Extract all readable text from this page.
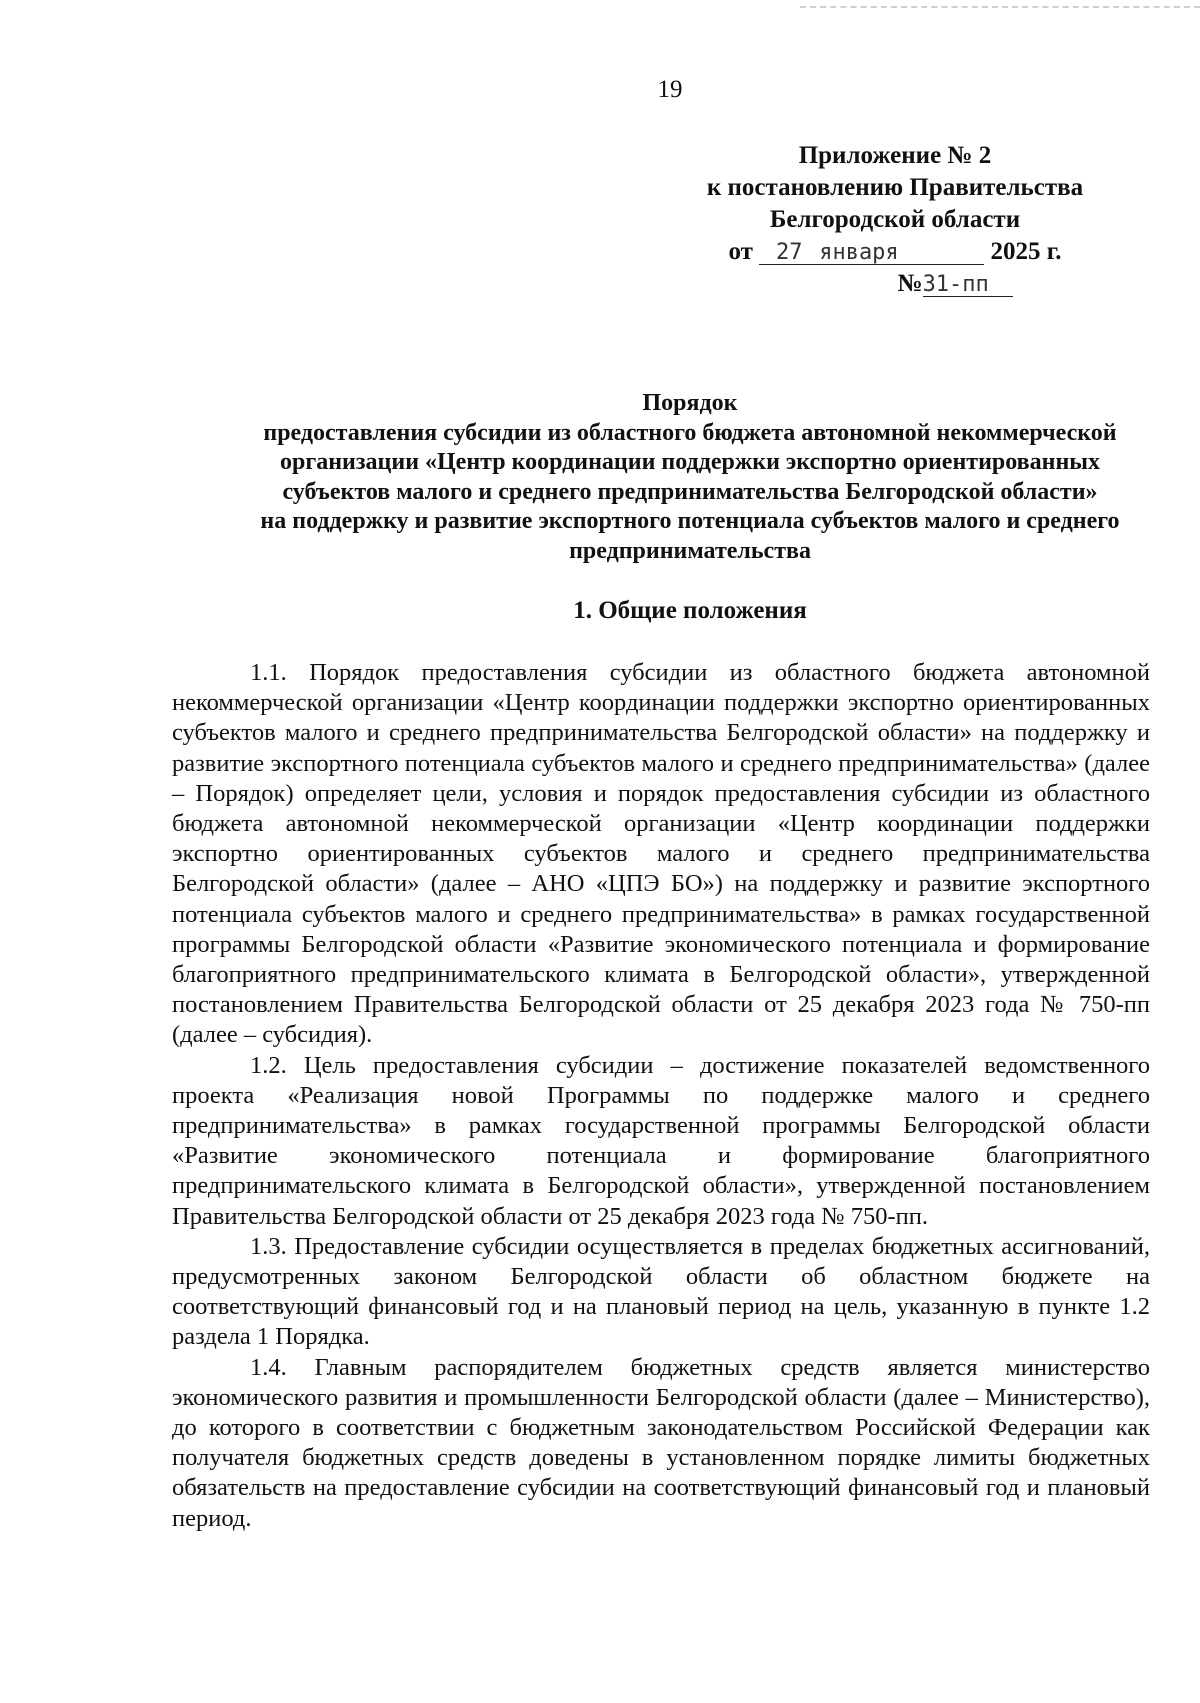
19
Приложение № 2
к постановлению Правительства
Белгородской области
от 27 января	2025 г.
№31-пп
Порядок
предоставления субсидии из областного бюджета автономной некоммерческой
организации «Центр координации поддержки экспортно ориентированных
субъектов малого и среднего предпринимательства Белгородской области»
на поддержку и развитие экспортного потенциала субъектов малого и среднего
предпринимательства
1. Общие положения

1.1. Порядок предоставления субсидии из областного бюджета автономной некоммерческой организации «Центр координации поддержки экспортно ориентированных субъектов малого и среднего предпринимательства Белгородской области» на поддержку и развитие экспортного потенциала субъектов малого и среднего предпринимательства» (далее – Порядок) определяет цели, условия и порядок предоставления субсидии из областного бюджета автономной некоммерческой организации «Центр координации поддержки экспортно ориентированных субъектов малого и среднего предпринимательства Белгородской области» (далее – АНО «ЦПЭ БО») на поддержку и развитие экспортного потенциала субъектов малого и среднего предпринимательства» в рамках государственной программы Белгородской области «Развитие экономического потенциала и формирование благоприятного предпринимательского климата в Белгородской области», утвержденной постановлением Правительства Белгородской области от 25 декабря 2023 года № 750-пп (далее – субсидия).

1.2. Цель предоставления субсидии – достижение показателей ведомственного проекта «Реализация новой Программы по поддержке малого и среднего предпринимательства» в рамках государственной программы Белгородской области «Развитие экономического потенциала и формирование благоприятного предпринимательского климата в Белгородской области», утвержденной постановлением Правительства Белгородской области от 25 декабря 2023 года № 750-пп.

1.3. Предоставление субсидии осуществляется в пределах бюджетных ассигнований, предусмотренных законом Белгородской области об областном бюджете на соответствующий финансовый год и на плановый период на цель, указанную в пункте 1.2 раздела 1 Порядка.

1.4. Главным распорядителем бюджетных средств является министерство экономического развития и промышленности Белгородской области (далее – Министерство), до которого в соответствии с бюджетным законодательством Российской Федерации как получателя бюджетных средств доведены в установленном порядке лимиты бюджетных обязательств на предоставление субсидии на соответствующий финансовый год и плановый период.
